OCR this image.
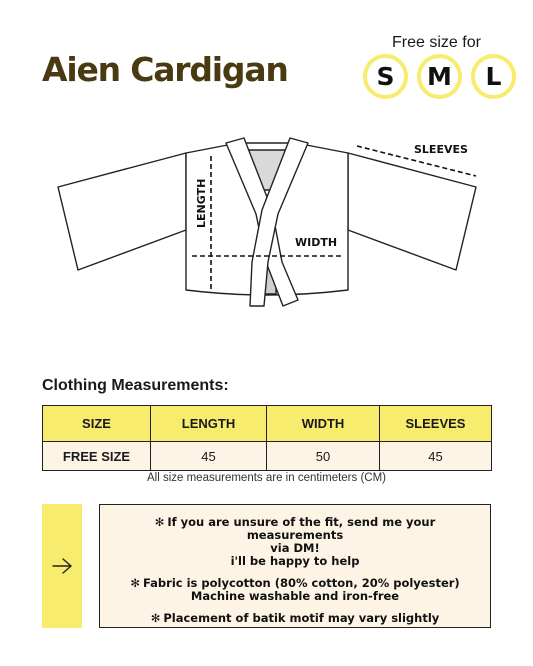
Aien Cardigan
Free size for
S	M	L
SLEEVES
LENGTH
WIDTH
Clothing Measurements:
SIZE	LENGTH	WIDTH	SLEEVES
FREE SIZE	45	50	45
All size measurements are in centimeters (CM)
✻ If you are unsure of the fit, send me your measurements
via DM!
i'll be happy to help
✻ Fabric is polycotton (80% cotton, 20% polyester)
Machine washable and iron-free
✻ Placement of batik motif may vary slightly
